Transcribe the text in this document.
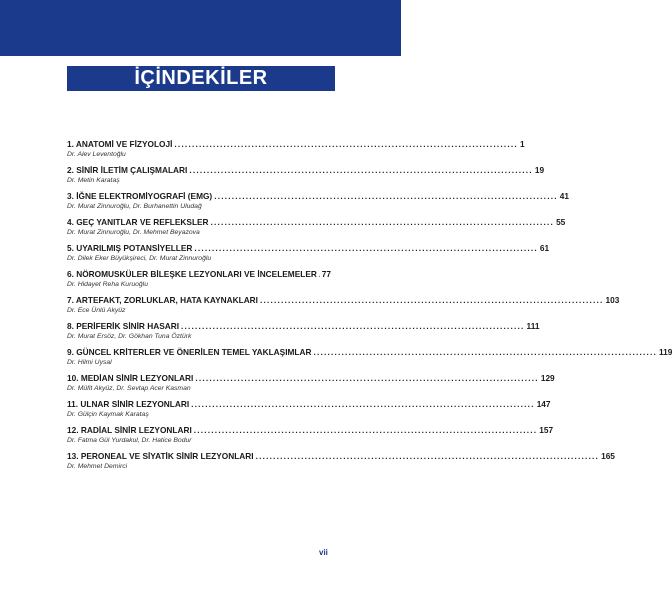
İÇİNDEKİLER
1. ANATOMİ VE FİZYOLOJİ .................................................................................................. 1
Dr. Alev Leventoğlu
2. SİNİR İLETİM ÇALIŞMALARI .................................................................................................. 19
Dr. Metin Karataş
3. İĞNE ELEKTROMİYOGRAFİ (EMG) .................................................................................................. 41
Dr. Murat Zinnuroğlu, Dr. Burhanettin Uludağ
4. GEÇ YANITLAR VE REFLEKSLER .................................................................................................. 55
Dr. Murat Zinnuroğlu, Dr. Mehmet Beyazova
5. UYARILMIŞ POTANSİYELLER .................................................................................................. 61
Dr. Dilek Eker Büyükşireci, Dr. Murat Zinnuroğlu
6. NÖROMUSKÜLER BİLEŞKE LEZYONLARI VE İNCELEMELER 77
Dr. Hidayet Reha Kuruoğlu
7. ARTEFAKT, ZORLUKLAR, HATA KAYNAKLARI .................................................................................................. 103
Dr. Ece Ünlü Akyüz
8. PERİFERİK SİNİR HASARI .................................................................................................. 111
Dr. Murat Ersöz, Dr. Gökhan Tuna Öztürk
9. GÜNCEL KRİTERLER VE ÖNERİLEN TEMEL YAKLAŞIMLAR .................................................................................................. 119
Dr. Hilmi Uysal
10. MEDİAN SİNİR LEZYONLARI .................................................................................................. 129
Dr. Müfit Akyüz, Dr. Sevtap Acer Kasman
11. ULNAR SİNİR LEZYONLARI .................................................................................................. 147
Dr. Gülçin Kaymak Karataş
12. RADİAL SİNİR LEZYONLARI .................................................................................................. 157
Dr. Fatma Gül Yurdakul, Dr. Hatice Bodur
13. PERONEAL VE SİYATİK SİNİR LEZYONLARI .................................................................................................. 165
Dr. Mehmet Demirci
vii
